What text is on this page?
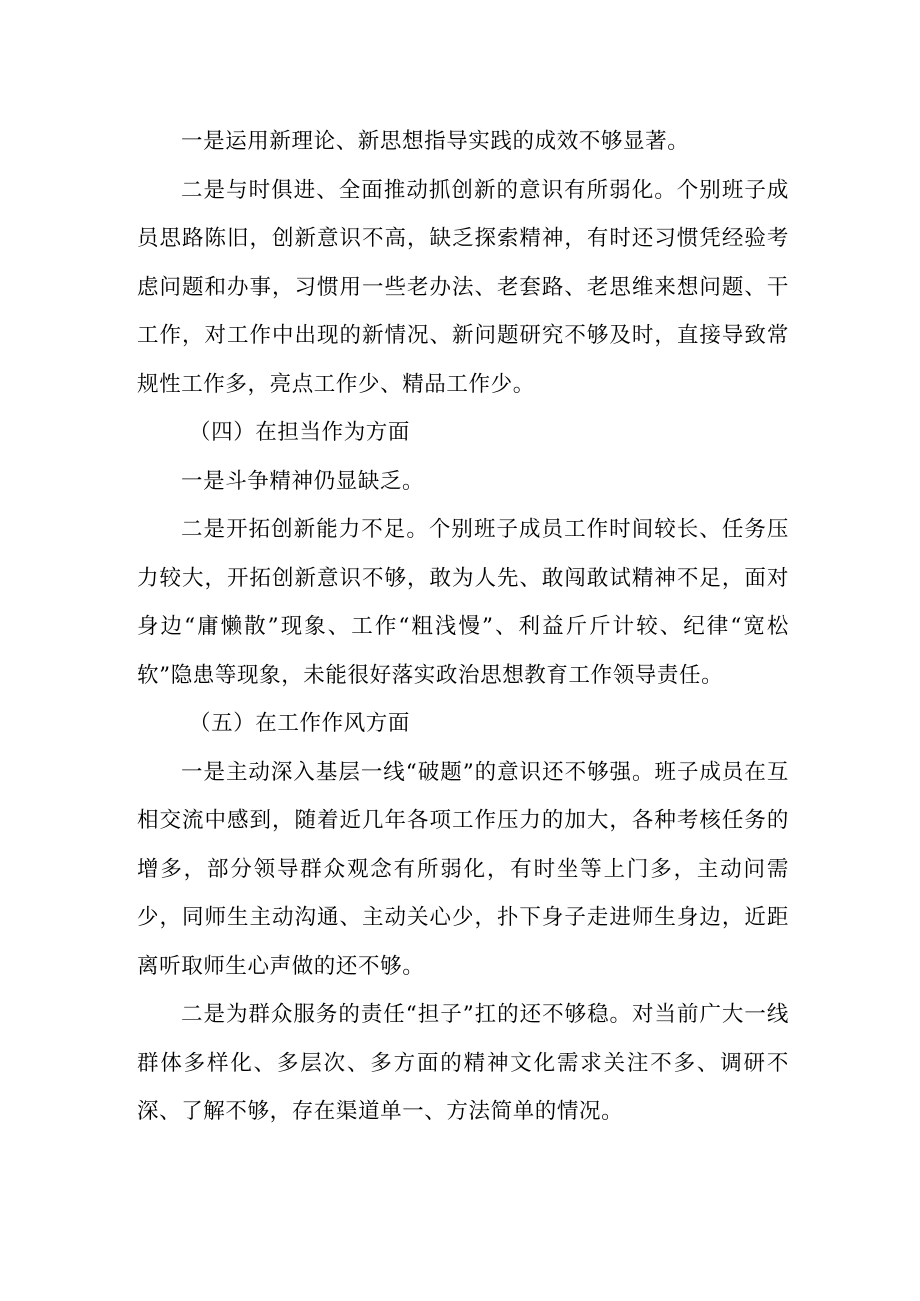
一是运用新理论、新思想指导实践的成效不够显著。

二是与时俱进、全面推动抓创新的意识有所弱化。个别班子成员思路陈旧，创新意识不高，缺乏探索精神，有时还习惯凭经验考虑问题和办事，习惯用一些老办法、老套路、老思维来想问题、干工作，对工作中出现的新情况、新问题研究不够及时，直接导致常规性工作多，亮点工作少、精品工作少。

（四）在担当作为方面

一是斗争精神仍显缺乏。

二是开拓创新能力不足。个别班子成员工作时间较长、任务压力较大，开拓创新意识不够，敢为人先、敢闯敢试精神不足，面对身边“庸懒散”现象、工作“粗浅慢”、利益斤斤计较、纪律“宽松软”隐患等现象，未能很好落实政治思想教育工作领导责任。

（五）在工作作风方面

一是主动深入基层一线“破题”的意识还不够强。班子成员在互相交流中感到，随着近几年各项工作压力的加大，各种考核任务的增多，部分领导群众观念有所弱化，有时坐等上门多，主动问需少，同师生主动沟通、主动关心少，扑下身子走进师生身边，近距离听取师生心声做的还不够。

二是为群众服务的责任“担子”扛的还不够稳。对当前广大一线群体多样化、多层次、多方面的精神文化需求关注不多、调研不深、了解不够，存在渠道单一、方法简单的情况。
